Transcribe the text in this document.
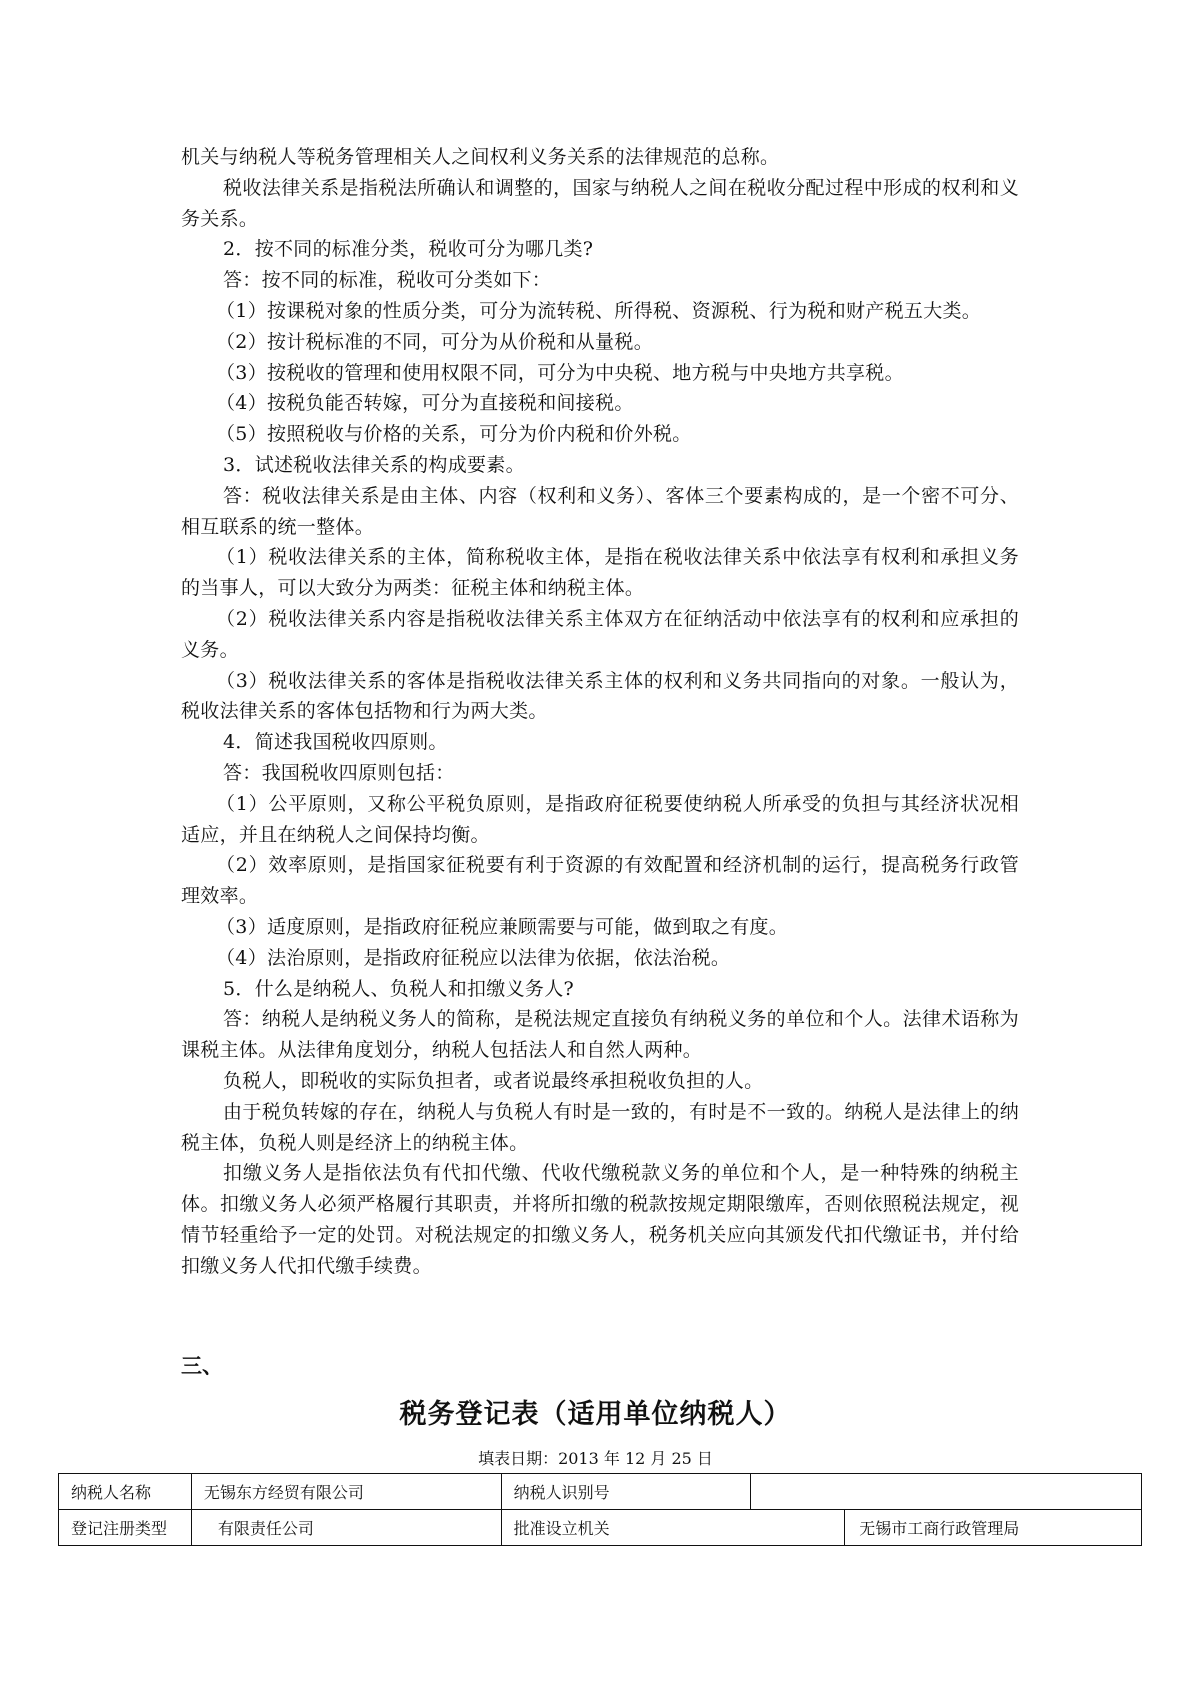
机关与纳税人等税务管理相关人之间权利义务关系的法律规范的总称。

税收法律关系是指税法所确认和调整的，国家与纳税人之间在税收分配过程中形成的权利和义务关系。

2．按不同的标准分类，税收可分为哪几类?

答：按不同的标准，税收可分类如下：

（1）按课税对象的性质分类，可分为流转税、所得税、资源税、行为税和财产税五大类。

（2）按计税标准的不同，可分为从价税和从量税。

（3）按税收的管理和使用权限不同，可分为中央税、地方税与中央地方共享税。

（4）按税负能否转嫁，可分为直接税和间接税。

（5）按照税收与价格的关系，可分为价内税和价外税。

3．试述税收法律关系的构成要素。

答：税收法律关系是由主体、内容（权利和义务）、客体三个要素构成的，是一个密不可分、相互联系的统一整体。

（1）税收法律关系的主体，简称税收主体，是指在税收法律关系中依法享有权利和承担义务的当事人，可以大致分为两类：征税主体和纳税主体。

（2）税收法律关系内容是指税收法律关系主体双方在征纳活动中依法享有的权利和应承担的义务。

（3）税收法律关系的客体是指税收法律关系主体的权利和义务共同指向的对象。一般认为，税收法律关系的客体包括物和行为两大类。

4．简述我国税收四原则。

答：我国税收四原则包括：

（1）公平原则，又称公平税负原则，是指政府征税要使纳税人所承受的负担与其经济状况相适应，并且在纳税人之间保持均衡。

（2）效率原则，是指国家征税要有利于资源的有效配置和经济机制的运行，提高税务行政管理效率。

（3）适度原则，是指政府征税应兼顾需要与可能，做到取之有度。

（4）法治原则，是指政府征税应以法律为依据，依法治税。

5．什么是纳税人、负税人和扣缴义务人?

答：纳税人是纳税义务人的简称，是税法规定直接负有纳税义务的单位和个人。法律术语称为课税主体。从法律角度划分，纳税人包括法人和自然人两种。

负税人，即税收的实际负担者，或者说最终承担税收负担的人。

由于税负转嫁的存在，纳税人与负税人有时是一致的，有时是不一致的。纳税人是法律上的纳税主体，负税人则是经济上的纳税主体。

扣缴义务人是指依法负有代扣代缴、代收代缴税款义务的单位和个人，是一种特殊的纳税主体。扣缴义务人必须严格履行其职责，并将所扣缴的税款按规定期限缴库，否则依照税法规定，视情节轻重给予一定的处罚。对税法规定的扣缴义务人，税务机关应向其颁发代扣代缴证书，并付给扣缴义务人代扣代缴手续费。

三、

税务登记表（适用单位纳税人）

填表日期：2013 年 12 月 25 日

纳税人名称	无锡东方经贸有限公司	纳税人识别号		
登记注册类型	有限责任公司	批准设立机关		无锡市工商行政管理局
